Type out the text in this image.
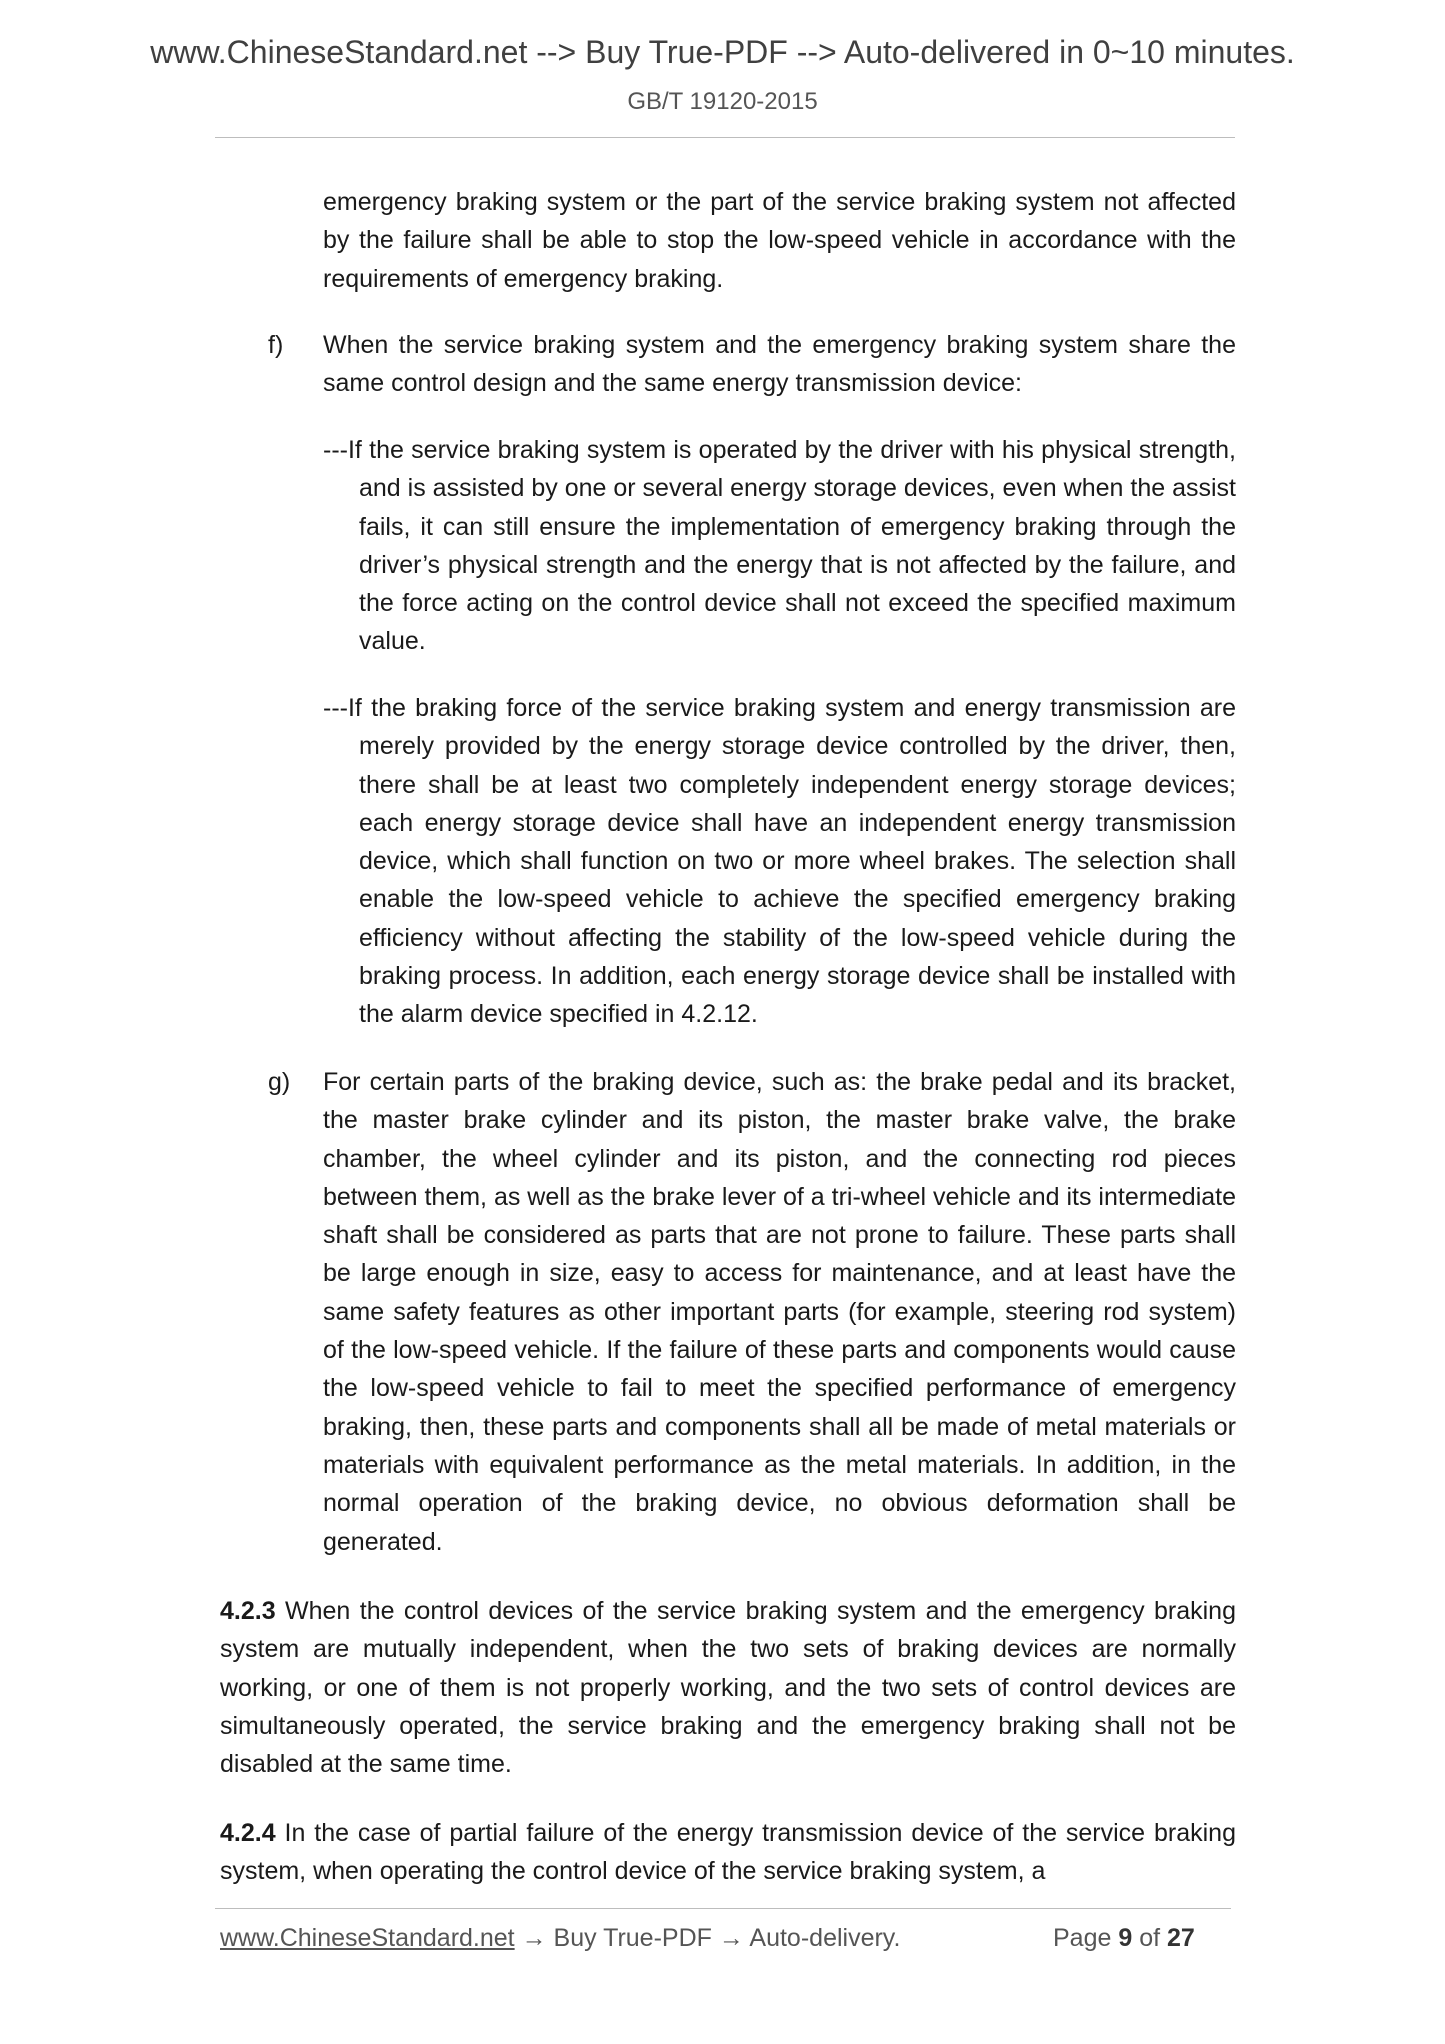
www.ChineseStandard.net --> Buy True-PDF --> Auto-delivered in 0~10 minutes.
GB/T 19120-2015

emergency braking system or the part of the service braking system not affected by the failure shall be able to stop the low-speed vehicle in accordance with the requirements of emergency braking.

f) When the service braking system and the emergency braking system share the same control design and the same energy transmission device:

---If the service braking system is operated by the driver with his physical strength, and is assisted by one or several energy storage devices, even when the assist fails, it can still ensure the implementation of emergency braking through the driver’s physical strength and the energy that is not affected by the failure, and the force acting on the control device shall not exceed the specified maximum value.

---If the braking force of the service braking system and energy transmission are merely provided by the energy storage device controlled by the driver, then, there shall be at least two completely independent energy storage devices; each energy storage device shall have an independent energy transmission device, which shall function on two or more wheel brakes. The selection shall enable the low-speed vehicle to achieve the specified emergency braking efficiency without affecting the stability of the low-speed vehicle during the braking process. In addition, each energy storage device shall be installed with the alarm device specified in 4.2.12.

g) For certain parts of the braking device, such as: the brake pedal and its bracket, the master brake cylinder and its piston, the master brake valve, the brake chamber, the wheel cylinder and its piston, and the connecting rod pieces between them, as well as the brake lever of a tri-wheel vehicle and its intermediate shaft shall be considered as parts that are not prone to failure. These parts shall be large enough in size, easy to access for maintenance, and at least have the same safety features as other important parts (for example, steering rod system) of the low-speed vehicle. If the failure of these parts and components would cause the low-speed vehicle to fail to meet the specified performance of emergency braking, then, these parts and components shall all be made of metal materials or materials with equivalent performance as the metal materials. In addition, in the normal operation of the braking device, no obvious deformation shall be generated.

4.2.3 When the control devices of the service braking system and the emergency braking system are mutually independent, when the two sets of braking devices are normally working, or one of them is not properly working, and the two sets of control devices are simultaneously operated, the service braking and the emergency braking shall not be disabled at the same time.

4.2.4 In the case of partial failure of the energy transmission device of the service braking system, when operating the control device of the service braking system, a

www.ChineseStandard.net → Buy True-PDF → Auto-delivery.	Page 9 of 27
